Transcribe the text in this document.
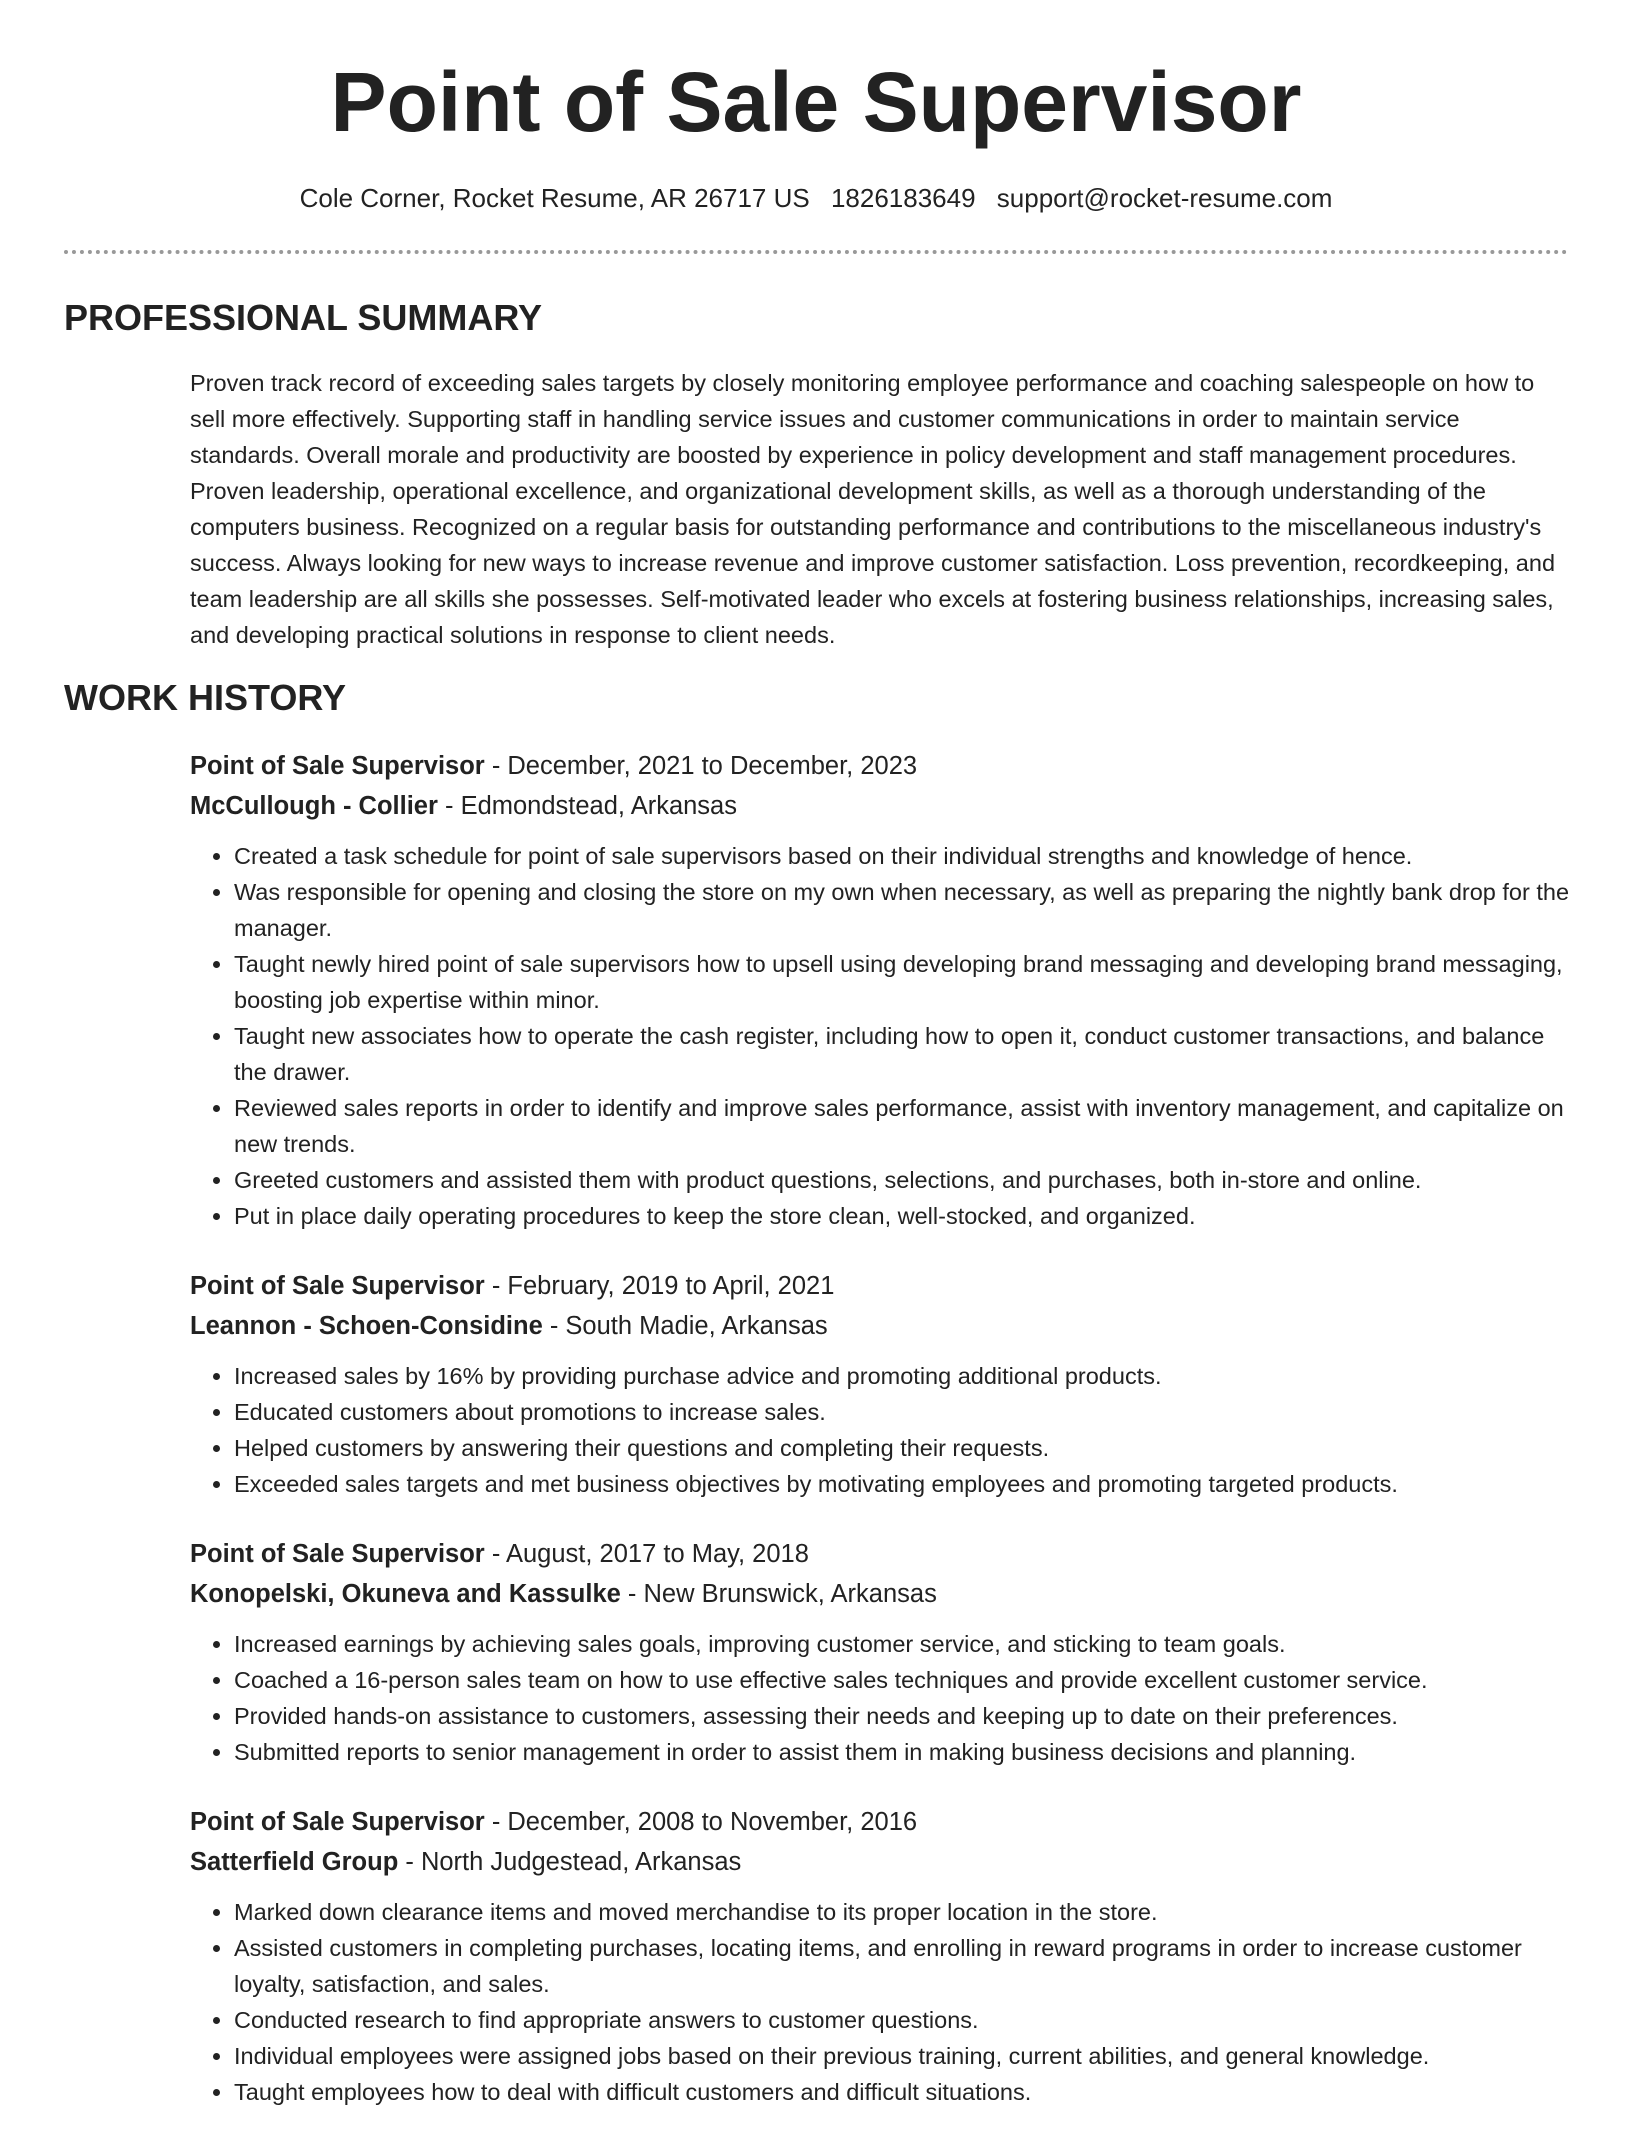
Point of Sale Supervisor
Cole Corner, Rocket Resume, AR 26717 US 1826183649 support@rocket-resume.com
PROFESSIONAL SUMMARY

Proven track record of exceeding sales targets by closely monitoring employee performance and coaching salespeople on how to sell more effectively. Supporting staff in handling service issues and customer communications in order to maintain service standards. Overall morale and productivity are boosted by experience in policy development and staff management procedures. Proven leadership, operational excellence, and organizational development skills, as well as a thorough understanding of the computers business. Recognized on a regular basis for outstanding performance and contributions to the miscellaneous industry's success. Always looking for new ways to increase revenue and improve customer satisfaction. Loss prevention, recordkeeping, and team leadership are all skills she possesses. Self-motivated leader who excels at fostering business relationships, increasing sales, and developing practical solutions in response to client needs.

WORK HISTORY

Point of Sale Supervisor - December, 2021 to December, 2023

McCullough - Collier - Edmondstead, Arkansas

• Created a task schedule for point of sale supervisors based on their individual strengths and knowledge of hence.
• Was responsible for opening and closing the store on my own when necessary, as well as preparing the nightly bank drop for the manager.
• Taught newly hired point of sale supervisors how to upsell using developing brand messaging and developing brand messaging, boosting job expertise within minor.
• Taught new associates how to operate the cash register, including how to open it, conduct customer transactions, and balance the drawer.
• Reviewed sales reports in order to identify and improve sales performance, assist with inventory management, and capitalize on new trends.
• Greeted customers and assisted them with product questions, selections, and purchases, both in-store and online.
• Put in place daily operating procedures to keep the store clean, well-stocked, and organized.

Point of Sale Supervisor - February, 2019 to April, 2021

Leannon - Schoen-Considine - South Madie, Arkansas

• Increased sales by 16% by providing purchase advice and promoting additional products.
• Educated customers about promotions to increase sales.
• Helped customers by answering their questions and completing their requests.
• Exceeded sales targets and met business objectives by motivating employees and promoting targeted products.

Point of Sale Supervisor - August, 2017 to May, 2018

Konopelski, Okuneva and Kassulke - New Brunswick, Arkansas

• Increased earnings by achieving sales goals, improving customer service, and sticking to team goals.
• Coached a 16-person sales team on how to use effective sales techniques and provide excellent customer service.
• Provided hands-on assistance to customers, assessing their needs and keeping up to date on their preferences.
• Submitted reports to senior management in order to assist them in making business decisions and planning.

Point of Sale Supervisor - December, 2008 to November, 2016

Satterfield Group - North Judgestead, Arkansas

• Marked down clearance items and moved merchandise to its proper location in the store.
• Assisted customers in completing purchases, locating items, and enrolling in reward programs in order to increase customer loyalty, satisfaction, and sales.
• Conducted research to find appropriate answers to customer questions.
• Individual employees were assigned jobs based on their previous training, current abilities, and general knowledge.
• Taught employees how to deal with difficult customers and difficult situations.
